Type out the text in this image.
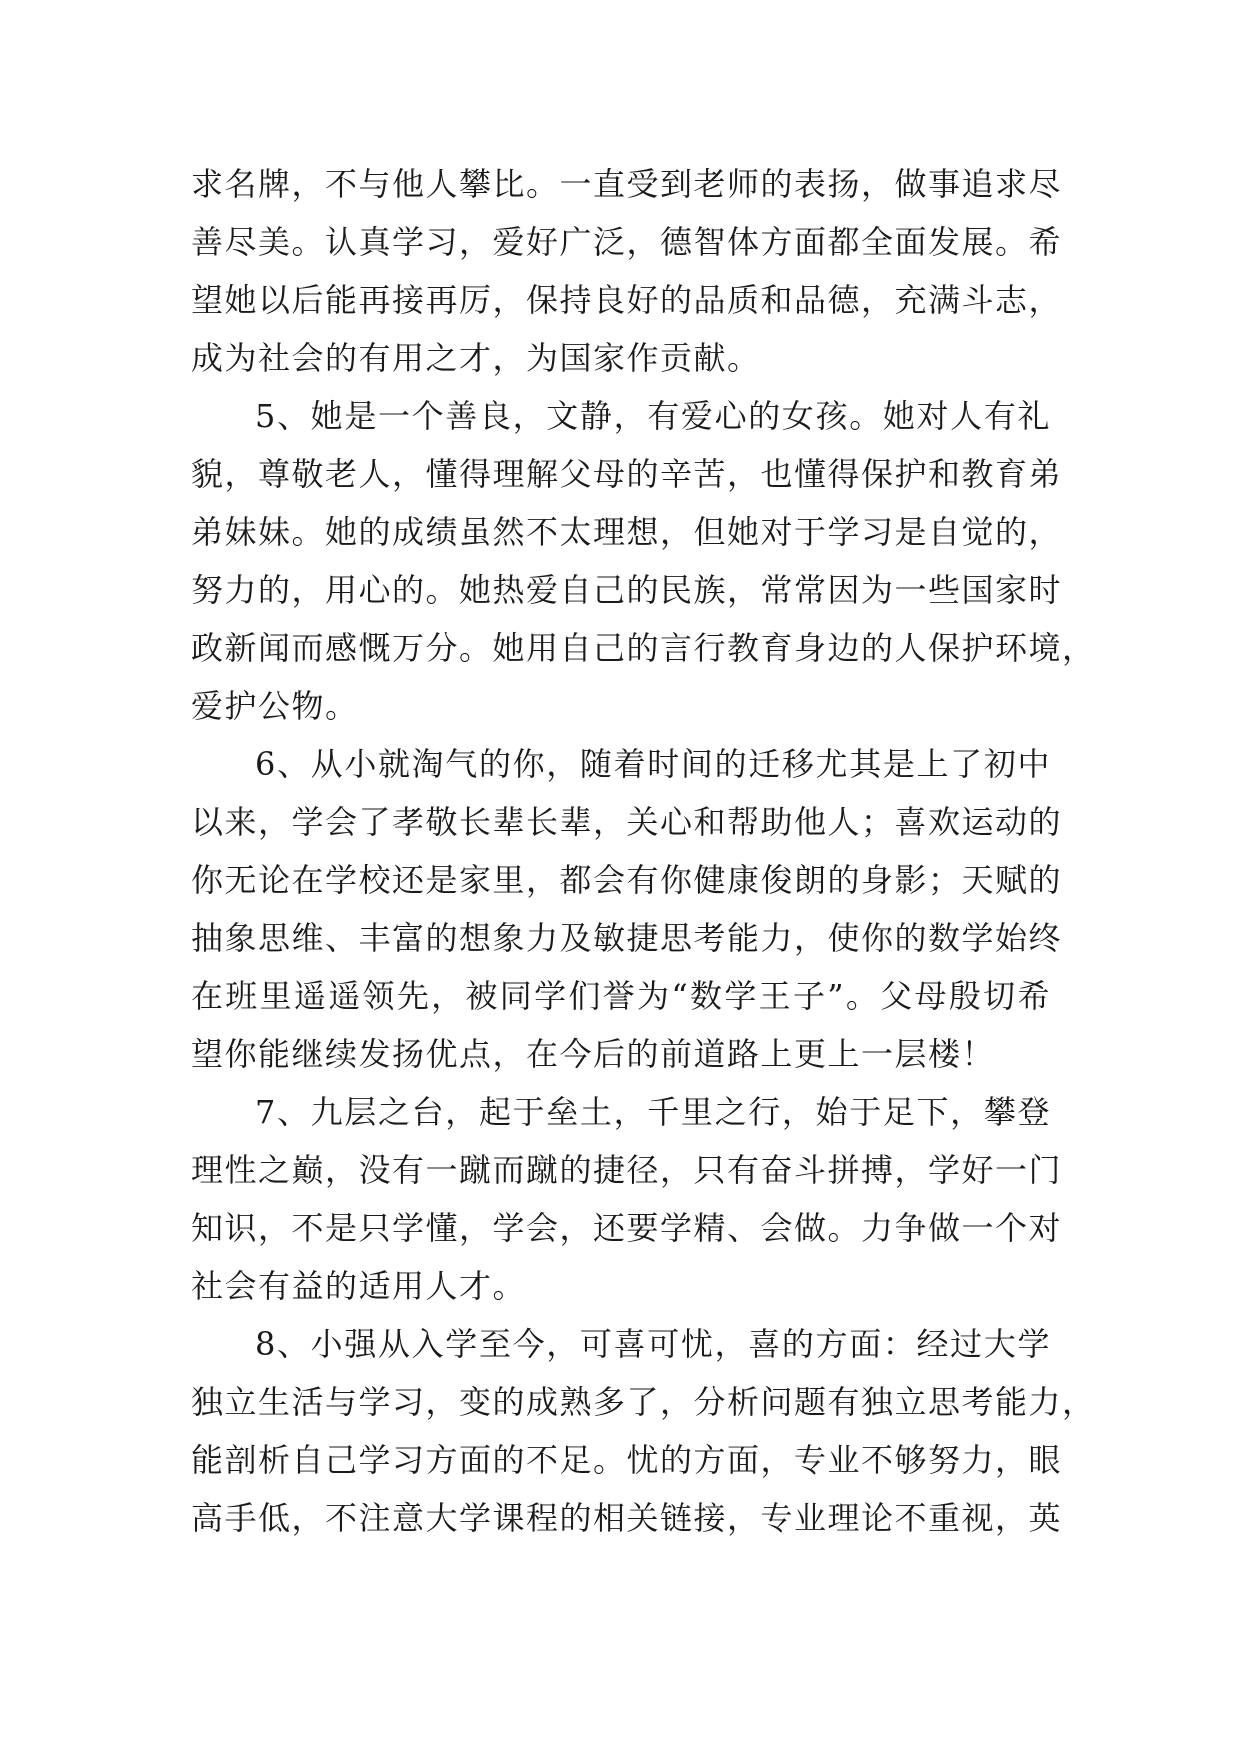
求名牌，不与他人攀比。一直受到老师的表扬，做事追求尽
善尽美。认真学习，爱好广泛，德智体方面都全面发展。希
望她以后能再接再厉，保持良好的品质和品德，充满斗志，
成为社会的有用之才，为国家作贡献。
5、她是一个善良，文静，有爱心的女孩。她对人有礼
貌，尊敬老人，懂得理解父母的辛苦，也懂得保护和教育弟
弟妹妹。她的成绩虽然不太理想，但她对于学习是自觉的，
努力的，用心的。她热爱自己的民族，常常因为一些国家时
政新闻而感慨万分。她用自己的言行教育身边的人保护环境，
爱护公物。
6、从小就淘气的你，随着时间的迁移尤其是上了初中
以来，学会了孝敬长辈长辈，关心和帮助他人；喜欢运动的
你无论在学校还是家里，都会有你健康俊朗的身影；天赋的
抽象思维、丰富的想象力及敏捷思考能力，使你的数学始终
在班里遥遥领先，被同学们誉为“数学王子”。父母殷切希
望你能继续发扬优点，在今后的前道路上更上一层楼！
7、九层之台，起于垒土，千里之行，始于足下，攀登
理性之巅，没有一蹴而蹴的捷径，只有奋斗拼搏，学好一门
知识，不是只学懂，学会，还要学精、会做。力争做一个对
社会有益的适用人才。
8、小强从入学至今，可喜可忧，喜的方面：经过大学
独立生活与学习，变的成熟多了，分析问题有独立思考能力，
能剖析自己学习方面的不足。忧的方面，专业不够努力，眼
高手低，不注意大学课程的相关链接，专业理论不重视，英
